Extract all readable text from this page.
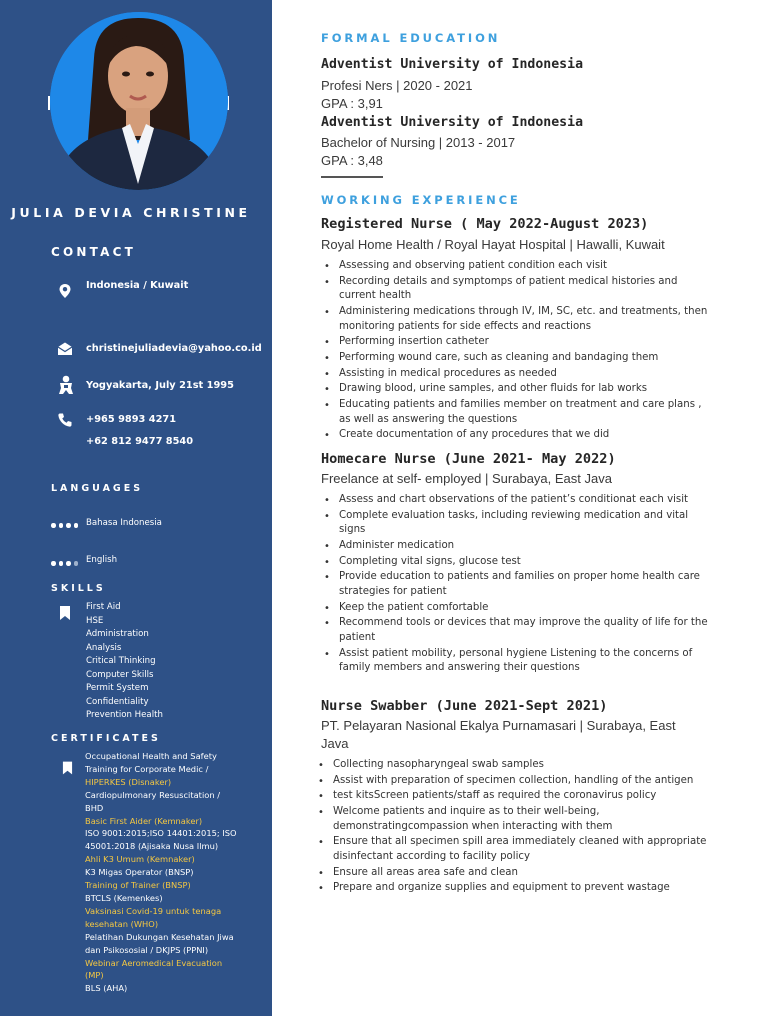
JULIA DEVIA CHRISTINE
CONTACT
Indonesia / Kuwait
christinejuliadevia@yahoo.co.id
Yogyakarta, July 21st 1995
+965 9893 4271
+62 812 9477 8540
LANGUAGES
Bahasa Indonesia
English
SKILLS
First Aid
HSE
Administration
Analysis
Critical Thinking
Computer Skills
Permit System
Confidentiality
Prevention Health
CERTIFICATES
Occupational Health and Safety
Training for Corporate Medic /
HIPERKES (Disnaker)
Cardiopulmonary Resuscitation /
BHD
Basic First Aider (Kemnaker)
ISO 9001:2015;ISO 14401:2015; ISO
45001:2018 (Ajisaka Nusa Ilmu)
Ahli K3 Umum (Kemnaker)
K3 Migas Operator (BNSP)
Training of Trainer (BNSP)
BTCLS (Kemenkes)
Vaksinasi Covid-19 untuk tenaga
kesehatan (WHO)
Pelatihan Dukungan Kesehatan Jiwa
dan Psikososial / DKJPS (PPNI)
Webinar Aeromedical Evacuation
(MP)
BLS (AHA)
FORMAL EDUCATION
Adventist University of Indonesia
Profesi Ners | 2020 - 2021
GPA : 3,91
Adventist University of Indonesia
Bachelor of Nursing | 2013 - 2017
GPA : 3,48
WORKING EXPERIENCE
Registered Nurse ( May 2022-August 2023)
Royal Home Health / Royal Hayat Hospital | Hawalli, Kuwait
• Assessing and observing patient condition each visit
• Recording details and symptomps of patient medical histories and current health
• Administering medications through IV, IM, SC, etc. and treatments, then monitoring patients for side effects and reactions
• Performing insertion catheter
• Performing wound care, such as cleaning and bandaging them
• Assisting in medical procedures as needed
• Drawing blood, urine samples, and other fluids for lab works
• Educating patients and families member on treatment and care plans , as well as answering the questions
• Create documentation of any procedures that we did
Homecare Nurse (June 2021- May 2022)
Freelance at self- employed | Surabaya, East Java
• Assess and chart observations of the patient’s conditionat each visit
• Complete evaluation tasks, including reviewing medication and vital signs
• Administer medication
• Completing vital signs, glucose test
• Provide education to patients and families on proper home health care strategies for patient
• Keep the patient comfortable
• Recommend tools or devices that may improve the quality of life for the patient
• Assist patient mobility, personal hygiene Listening to the concerns of family members and answering their questions
Nurse Swabber (June 2021-Sept 2021)
PT. Pelayaran Nasional Ekalya Purnamasari | Surabaya, East
Java
• Collecting nasopharyngeal swab samples
• Assist with preparation of specimen collection, handling of the antigen
• test kitsScreen patients/staff as required the coronavirus policy
• Welcome patients and inquire as to their well-being, demonstratingcompassion when interacting with them
• Ensure that all specimen spill area immediately cleaned with appropriate disinfectant according to facility policy
• Ensure all areas area safe and clean
• Prepare and organize supplies and equipment to prevent wastage
